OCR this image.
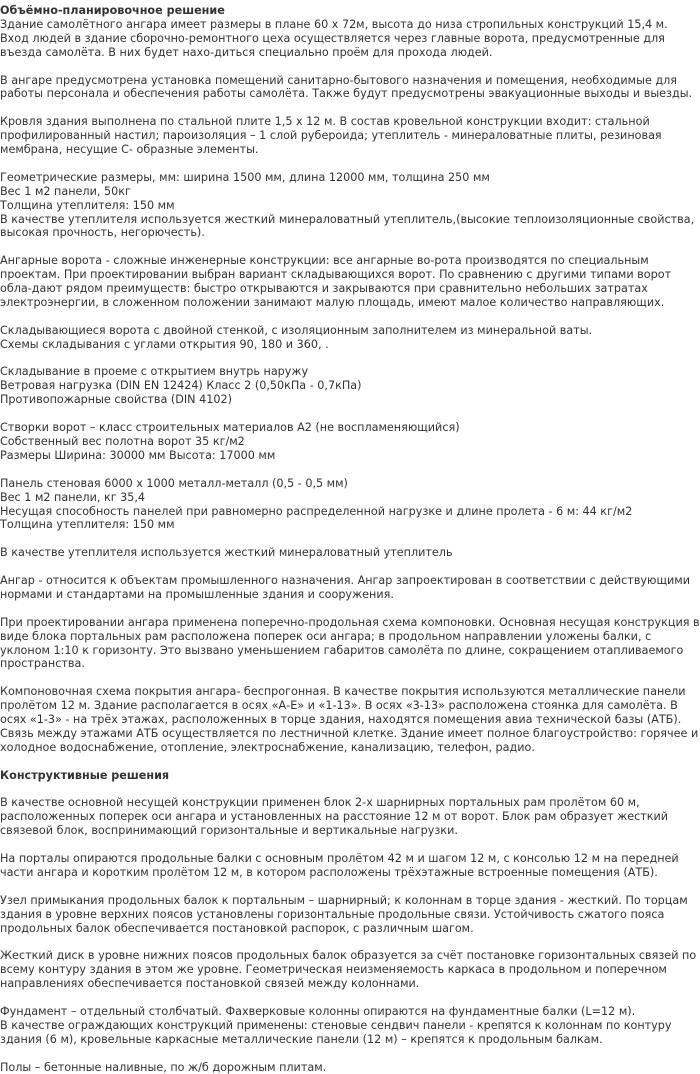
Объёмно-планировочное решение

Здание самолётного ангара имеет размеры в плане 60 х 72м, высота до низа стропильных конструкций 15,4 м.

Вход людей в здание сборочно-ремонтного цеха осуществляется через главные ворота, предусмотренные для въезда самолёта. В них будет нахо-диться специально проём для прохода людей.

В ангаре предусмотрена установка помещений санитарно-бытового назначения и помещения, необходимые для работы персонала и обеспечения работы самолёта. Также будут предусмотрены эвакуационные выходы и выезды.

Кровля здания выполнена по стальной плите 1,5 х 12 м. В состав кровельной конструкции входит: стальной профилированный настил; пароизоляция – 1 слой рубероида; утеплитель - минераловатные плиты, резиновая мембрана, несущие С- образные элементы.

Геометрические размеры, мм: ширина 1500 мм, длина 12000 мм, толщина 250 мм

Вес 1 м2 панели, 50кг

Толщина утеплителя: 150 мм

В качестве утеплителя используется жесткий минераловатный утеплитель,(высокие теплоизоляционные свойства, высокая прочность, негорючесть).

Ангарные ворота - сложные инженерные конструкции: все ангарные во-рота производятся по специальным проектам. При проектировании выбран вариант складывающихся ворот. По сравнению с другими типами ворот обла-дают рядом преимуществ: быстро открываются и закрываются при сравнительно небольших затратах электроэнергии, в сложенном положении занимают малую площадь, имеют малое количество направляющих.

Складывающиеся ворота с двойной стенкой, с изоляционным заполнителем из минеральной ваты.

Схемы складывания с углами открытия 90, 180 и 360, .

Складывание в проеме с открытием внутрь наружу

Ветровая нагрузка (DIN EN 12424) Класс 2 (0,50кПа - 0,7кПа)

Противопожарные свойства (DIN 4102)

Створки ворот – класс строительных материалов А2 (не воспламеняющийся)

Собственный вес полотна ворот 35 кг/м2

Размеры Ширина: 30000 мм Высота: 17000 мм

Панель стеновая 6000 х 1000 металл-металл (0,5 - 0,5 мм)

Вес 1 м2 панели, кг 35,4

Несущая способность панелей при равномерно распределенной нагрузке и длине пролета - 6 м: 44 кг/м2

Толщина утеплителя: 150 мм

В качестве утеплителя используется жесткий минераловатный утеплитель

Ангар - относится к объектам промышленного назначения. Ангар запроектирован в соответствии с действующими нормами и стандартами на промышленные здания и сооружения.

При проектировании ангара применена поперечно-продольная схема компоновки. Основная несущая конструкция в виде блока портальных рам расположена поперек оси ангара; в продольном направлении уложены балки, с уклоном 1:10 к горизонту. Это вызвано уменьшением габаритов самолёта по длине, сокращением отапливаемого пространства.

Компоновочная схема покрытия ангара- беспрогонная. В качестве покрытия используются металлические панели пролётом 12 м. Здание располагается в осях «А-Е» и «1-13». В осях «3-13» расположена стоянка для самолёта. В осях «1-3» - на трёх этажах, расположенных в торце здания, находятся помещения авиа технической базы (АТБ). Связь между этажами АТБ осуществляется по лестничной клетке. Здание имеет полное благоустройство: горячее и холодное водоснабжение, отопление, электроснабжение, канализацию, телефон, радио.

Конструктивные решения

В качестве основной несущей конструкции применен блок 2-х шарнирных портальных рам пролётом 60 м, расположенных поперек оси ангара и установленных на расстояние 12 м от ворот. Блок рам образует жесткий связевой блок, воспринимающий горизонтальные и вертикальные нагрузки.

На порталы опираются продольные балки с основным пролётом 42 м и шагом 12 м, с консолью 12 м на передней части ангара и коротким пролётом 12 м, в котором расположены трёхэтажные встроенные помещения (АТБ).

Узел примыкания продольных балок к портальным – шарнирный; к колоннам в торце здания - жесткий. По торцам здания в уровне верхних поясов установлены горизонтальные продольные связи. Устойчивость сжатого пояса продольных балок обеспечивается постановкой распорок, с различным шагом.

Жесткий диск в уровне нижних поясов продольных балок образуется за счёт постановке горизонтальных связей по всему контуру здания в этом же уровне. Геометрическая неизменяемость каркаса в продольном и поперечном направлениях обеспечивается постановкой связей между колоннами.

Фундамент – отдельный столбчатый. Фахверковые колонны опираются на фундаментные балки (L=12 м).

В качестве ограждающих конструкций применены: стеновые сендвич панели - крепятся к колоннам по контуру здания (6 м), кровельные каркасные металлические панели (12 м) – крепятся к продольным балкам.

Полы – бетонные наливные, по ж/б дорожным плитам.
